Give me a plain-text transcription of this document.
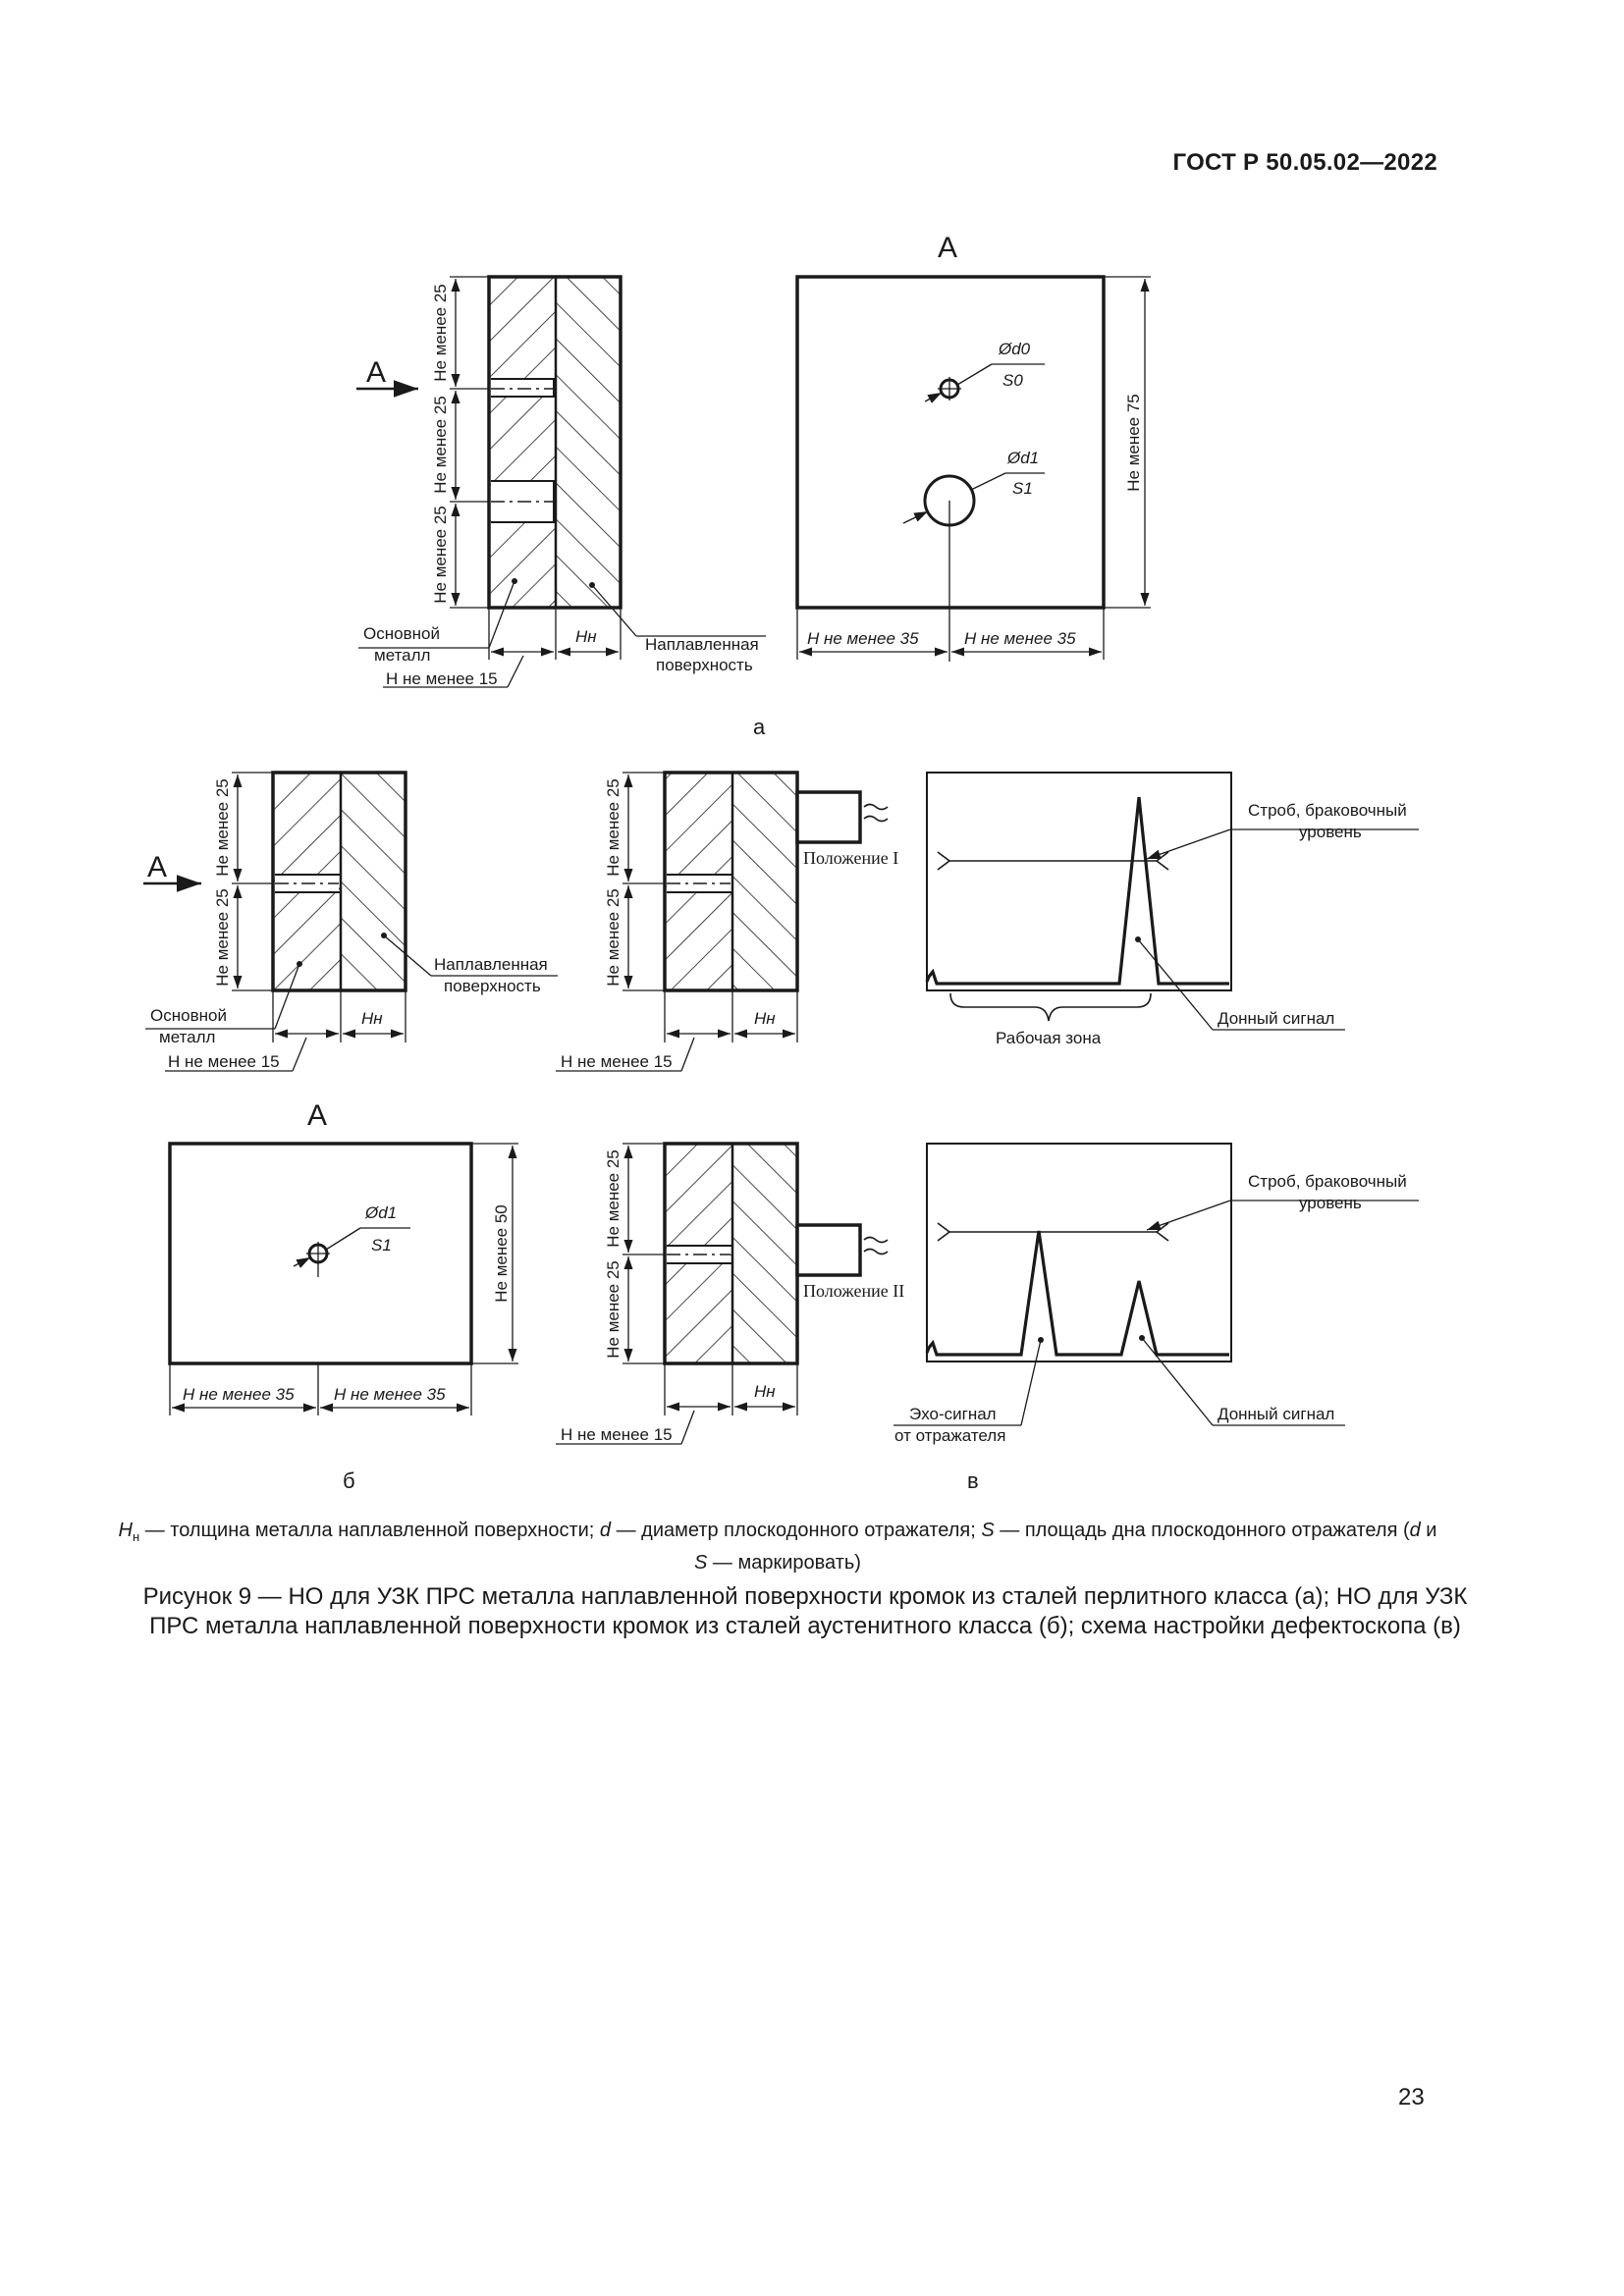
ГОСТ Р 50.05.02—2022
А	Не менее 25
Не менее 25
Не менее 25
Основной
металл
Н не менее 15
Hн	Наплавленная
поверхность
А
Ød0
S0
Ød1
S1	Не менее 75
Н не менее 35	Н не менее 35
а
А	Не менее 25
Не менее 25
Основной
металл
Н не менее 15
Hн
Наплавленная
поверхность
А
Ød1
S1	Не менее 50
Н не менее 35 Н не менее 35
б
Не менее 25
Не менее 25
Положение I
Н не менее 15
Hн
Строб, браковочный
уровень
Донный сигнал
Рабочая зона
Не менее 25
Не менее 25	Положение II
Н не менее 15
Hн
Строб, браковочный
уровень
Эхо-сигнал
от отражателя
Донный сигнал
в
$H_н$ — толщина металла наплавленной поверхности; d — диаметр плоскодонного отражателя; S — площадь дна плоскодонного отражателя (d и S — маркировать)
Рисунок 9 — НО для УЗК ПРС металла наплавленной поверхности кромок из сталей перлитного класса (а); НО для УЗК ПРС металла наплавленной поверхности кромок из сталей аустенитного класса (б); схема настройки дефектоскопа (в)
23
